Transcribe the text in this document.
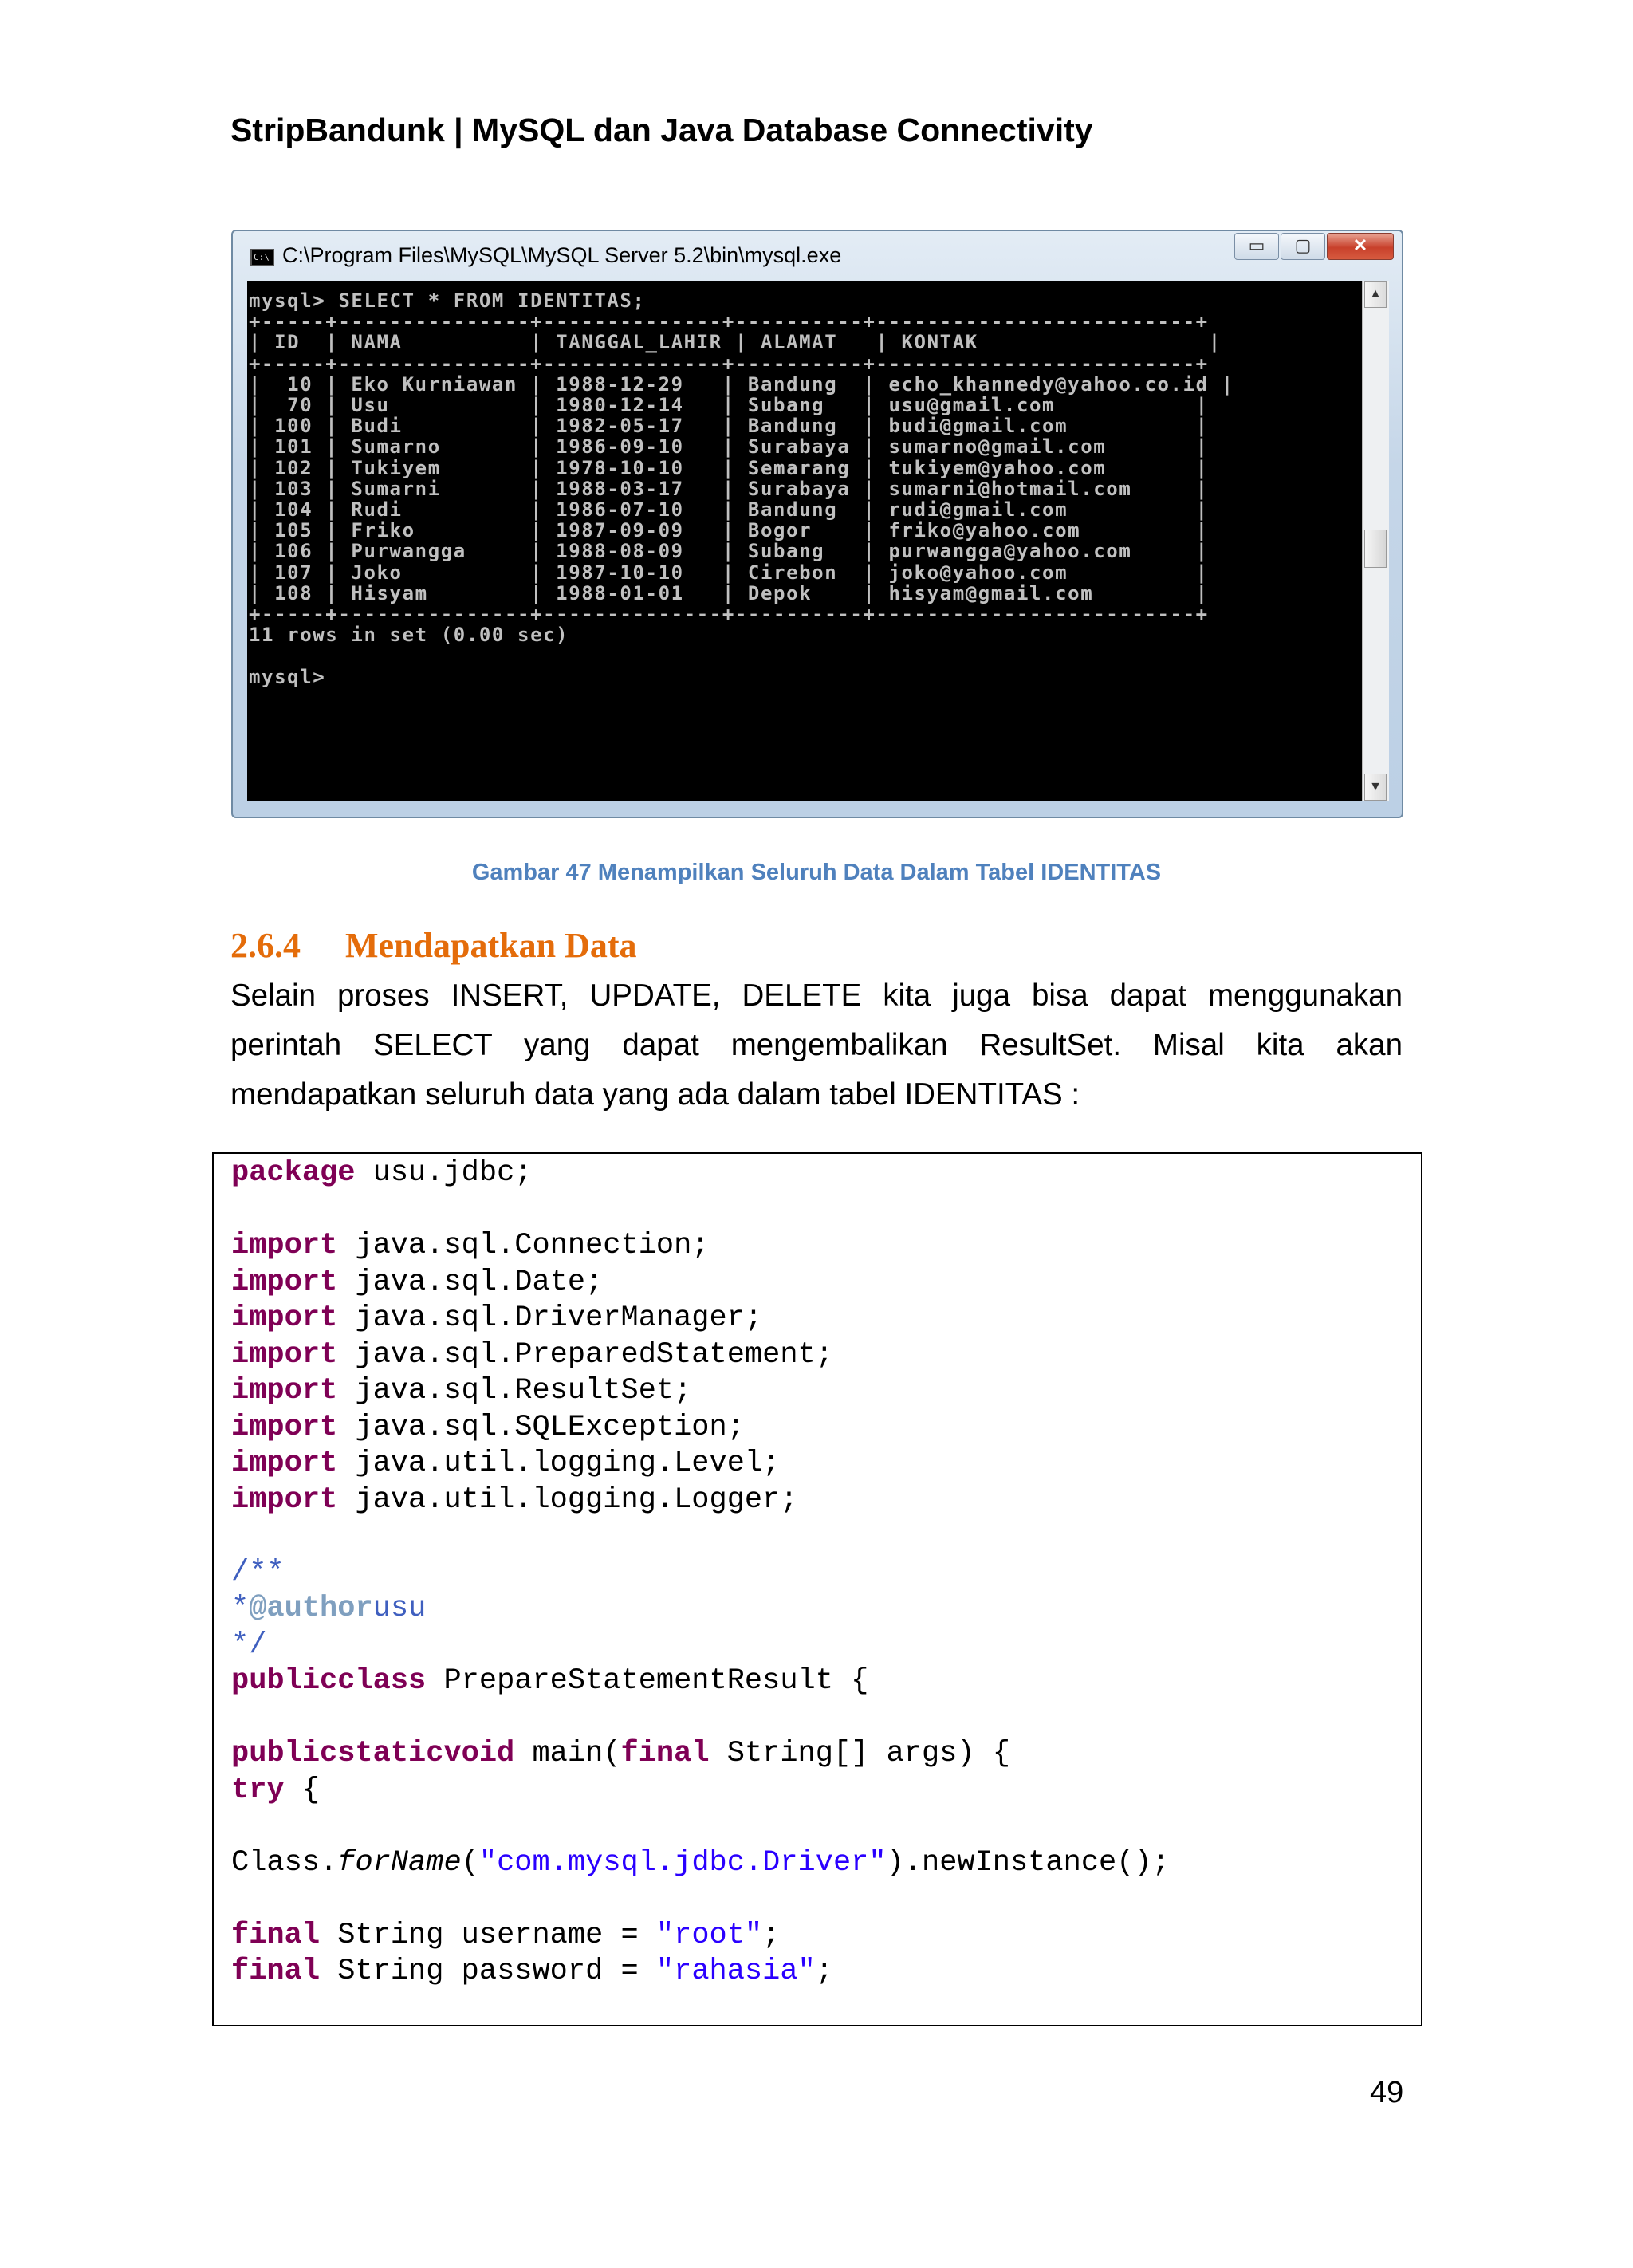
StripBandunk | MySQL dan Java Database Connectivity
C:\ C:\Program Files\MySQL\MySQL Server 5.2\bin\mysql.exe	▭	▢	✕
mysql> SELECT * FROM IDENTITAS;
+-----+---------------+--------------+----------+-------------------------+
| ID  | NAMA          | TANGGAL_LAHIR | ALAMAT   | KONTAK                  |
+-----+---------------+--------------+----------+-------------------------+
|  10 | Eko Kurniawan | 1988-12-29   | Bandung  | echo_khannedy@yahoo.co.id |
|  70 | Usu           | 1980-12-14   | Subang   | usu@gmail.com           |
| 100 | Budi          | 1982-05-17   | Bandung  | budi@gmail.com          |
| 101 | Sumarno       | 1986-09-10   | Surabaya | sumarno@gmail.com       |
| 102 | Tukiyem       | 1978-10-10   | Semarang | tukiyem@yahoo.com       |
| 103 | Sumarni       | 1988-03-17   | Surabaya | sumarni@hotmail.com     |
| 104 | Rudi          | 1986-07-10   | Bandung  | rudi@gmail.com          |
| 105 | Friko         | 1987-09-09   | Bogor    | friko@yahoo.com         |
| 106 | Purwangga     | 1988-08-09   | Subang   | purwangga@yahoo.com     |
| 107 | Joko          | 1987-10-10   | Cirebon  | joko@yahoo.com          |
| 108 | Hisyam        | 1988-01-01   | Depok    | hisyam@gmail.com        |
+-----+---------------+--------------+----------+-------------------------+
11 rows in set (0.00 sec)

mysql>
▲
▼
Gambar 47 Menampilkan Seluruh Data Dalam Tabel IDENTITAS
2.6.4 Mendapatkan Data
Selain proses INSERT, UPDATE, DELETE kita juga bisa dapat menggunakan
perintah SELECT yang dapat mengembalikan ResultSet. Misal kita akan
mendapatkan seluruh data yang ada dalam tabel IDENTITAS :
package usu.jdbc;

import java.sql.Connection;
import java.sql.Date;
import java.sql.DriverManager;
import java.sql.PreparedStatement;
import java.sql.ResultSet;
import java.sql.SQLException;
import java.util.logging.Level;
import java.util.logging.Logger;

/**
*@authorusu
*/
publicclass PrepareStatementResult {

publicstaticvoid main(final String[] args) {
try {

Class.forName("com.mysql.jdbc.Driver").newInstance();

final String username = "root";
final String password = "rahasia";
49
